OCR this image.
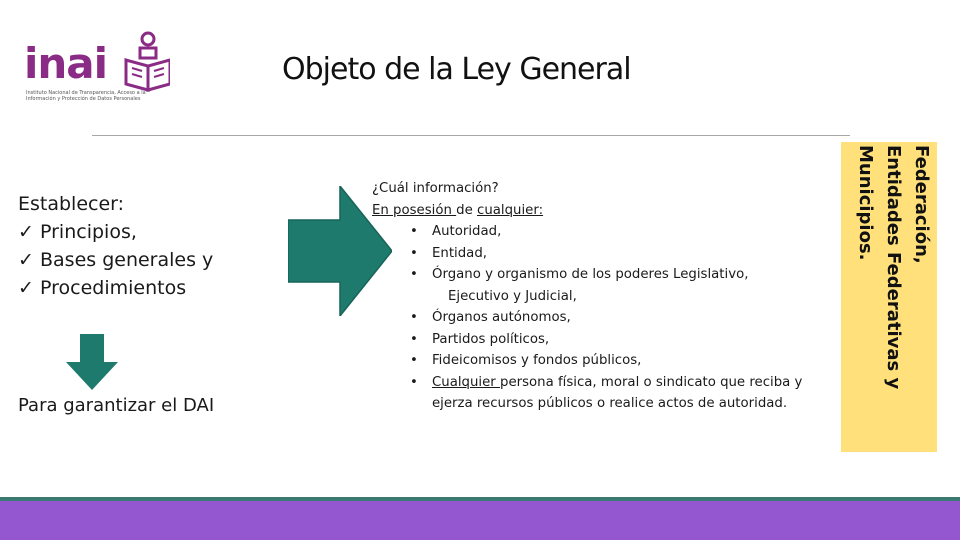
inai
Instituto Nacional de Transparencia, Acceso a la Información y Protección de Datos Personales
Objeto de la Ley General
Establecer:
✓ Principios,
✓ Bases generales y
✓ Procedimientos
Para garantizar el DAI
¿Cuál información?
En posesión de cualquier:
• Autoridad,
• Entidad,
• Órgano y organismo de los poderes Legislativo,
Ejecutivo y Judicial,
• Órganos autónomos,
• Partidos políticos,
• Fideicomisos y fondos públicos,
• Cualquier persona física, moral o sindicato que reciba y
ejerza recursos públicos o realice actos de autoridad.
Federación,
Entidades Federativas y
Municipios.
